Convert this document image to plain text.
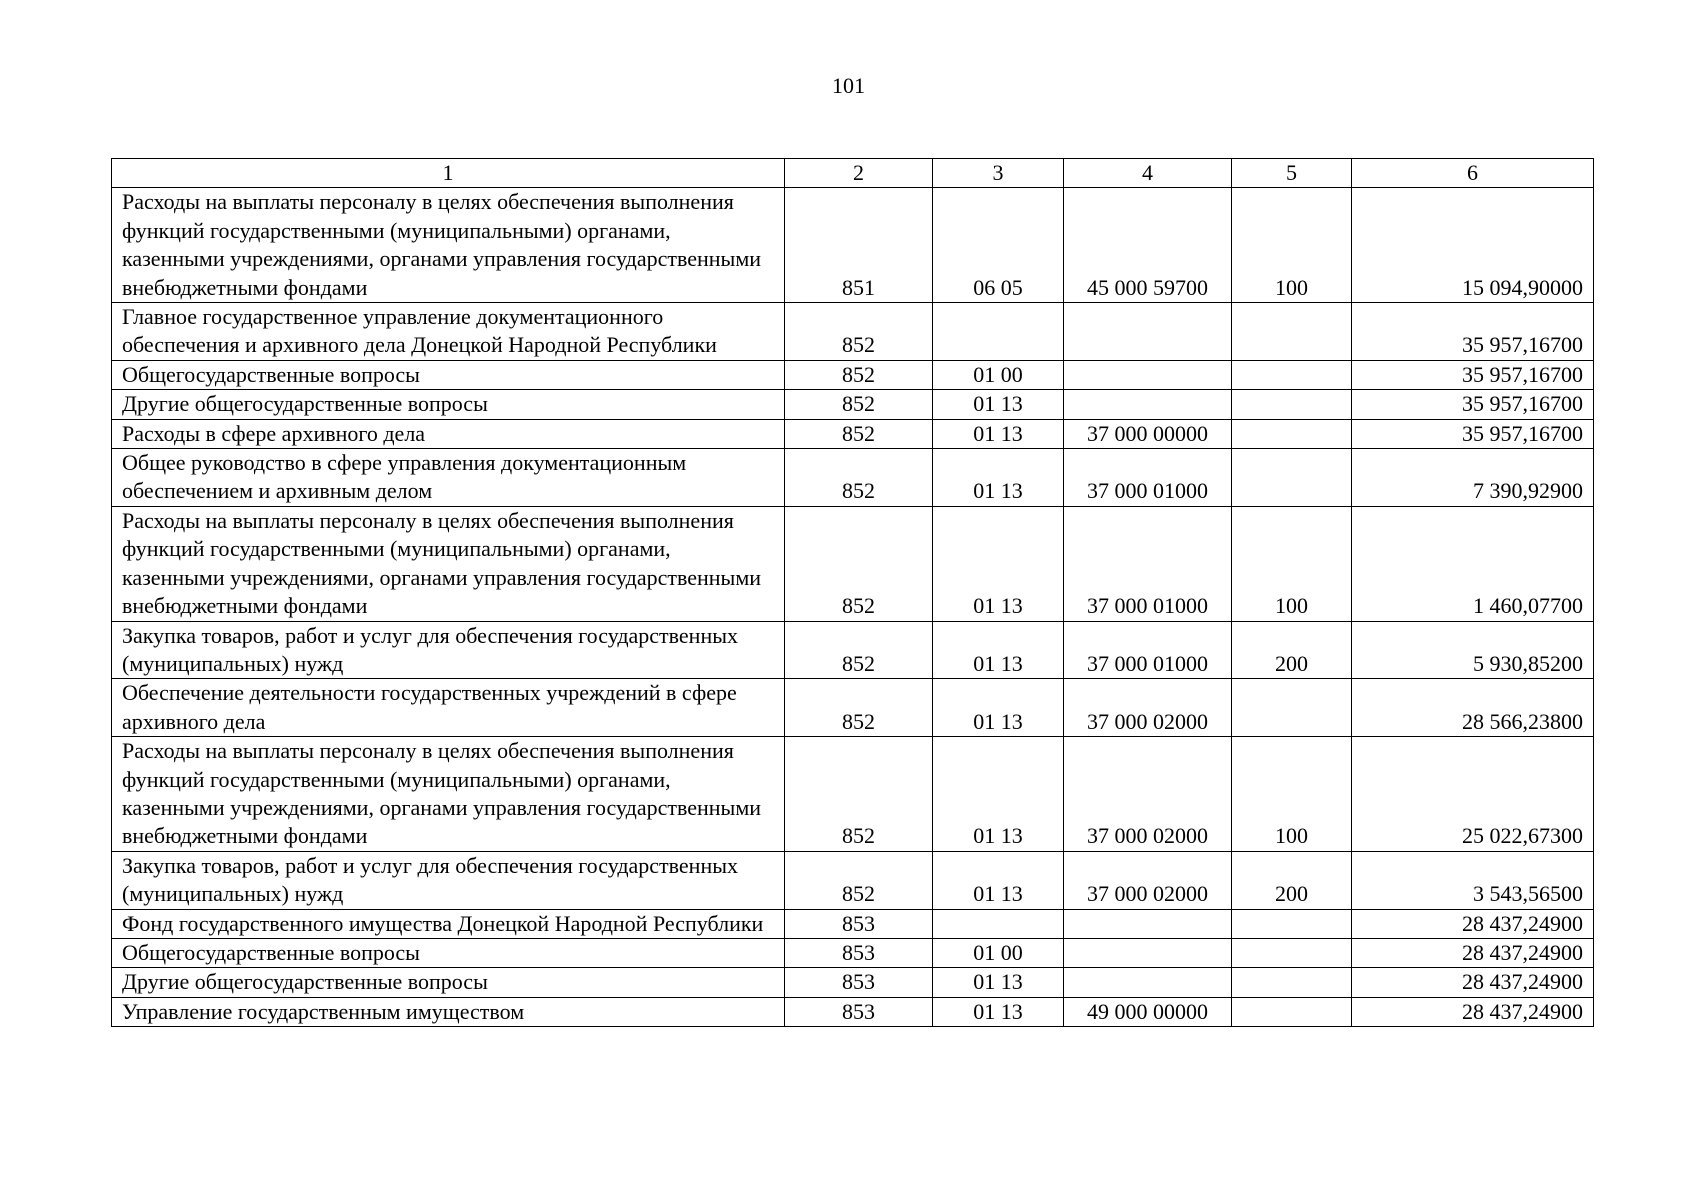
101
1	2	3	4	5	6
Расходы на выплаты персоналу в целях обеспечения выполнения функций государственными (муниципальными) органами, казенными учреждениями, органами управления государственными внебюджетными фондами	851	06 05	45 000 59700	100	15 094,90000
Главное государственное управление документационного обеспечения и архивного дела Донецкой Народной Республики	852				35 957,16700
Общегосударственные вопросы	852	01 00			35 957,16700
Другие общегосударственные вопросы	852	01 13			35 957,16700
Расходы в сфере архивного дела	852	01 13	37 000 00000		35 957,16700
Общее руководство в сфере управления документационным обеспечением и архивным делом	852	01 13	37 000 01000		7 390,92900
Расходы на выплаты персоналу в целях обеспечения выполнения функций государственными (муниципальными) органами, казенными учреждениями, органами управления государственными внебюджетными фондами	852	01 13	37 000 01000	100	1 460,07700
Закупка товаров, работ и услуг для обеспечения государственных (муниципальных) нужд	852	01 13	37 000 01000	200	5 930,85200
Обеспечение деятельности государственных учреждений в сфере архивного дела	852	01 13	37 000 02000		28 566,23800
Расходы на выплаты персоналу в целях обеспечения выполнения функций государственными (муниципальными) органами, казенными учреждениями, органами управления государственными внебюджетными фондами	852	01 13	37 000 02000	100	25 022,67300
Закупка товаров, работ и услуг для обеспечения государственных (муниципальных) нужд	852	01 13	37 000 02000	200	3 543,56500
Фонд государственного имущества Донецкой Народной Республики	853				28 437,24900
Общегосударственные вопросы	853	01 00			28 437,24900
Другие общегосударственные вопросы	853	01 13			28 437,24900
Управление государственным имуществом	853	01 13	49 000 00000		28 437,24900
